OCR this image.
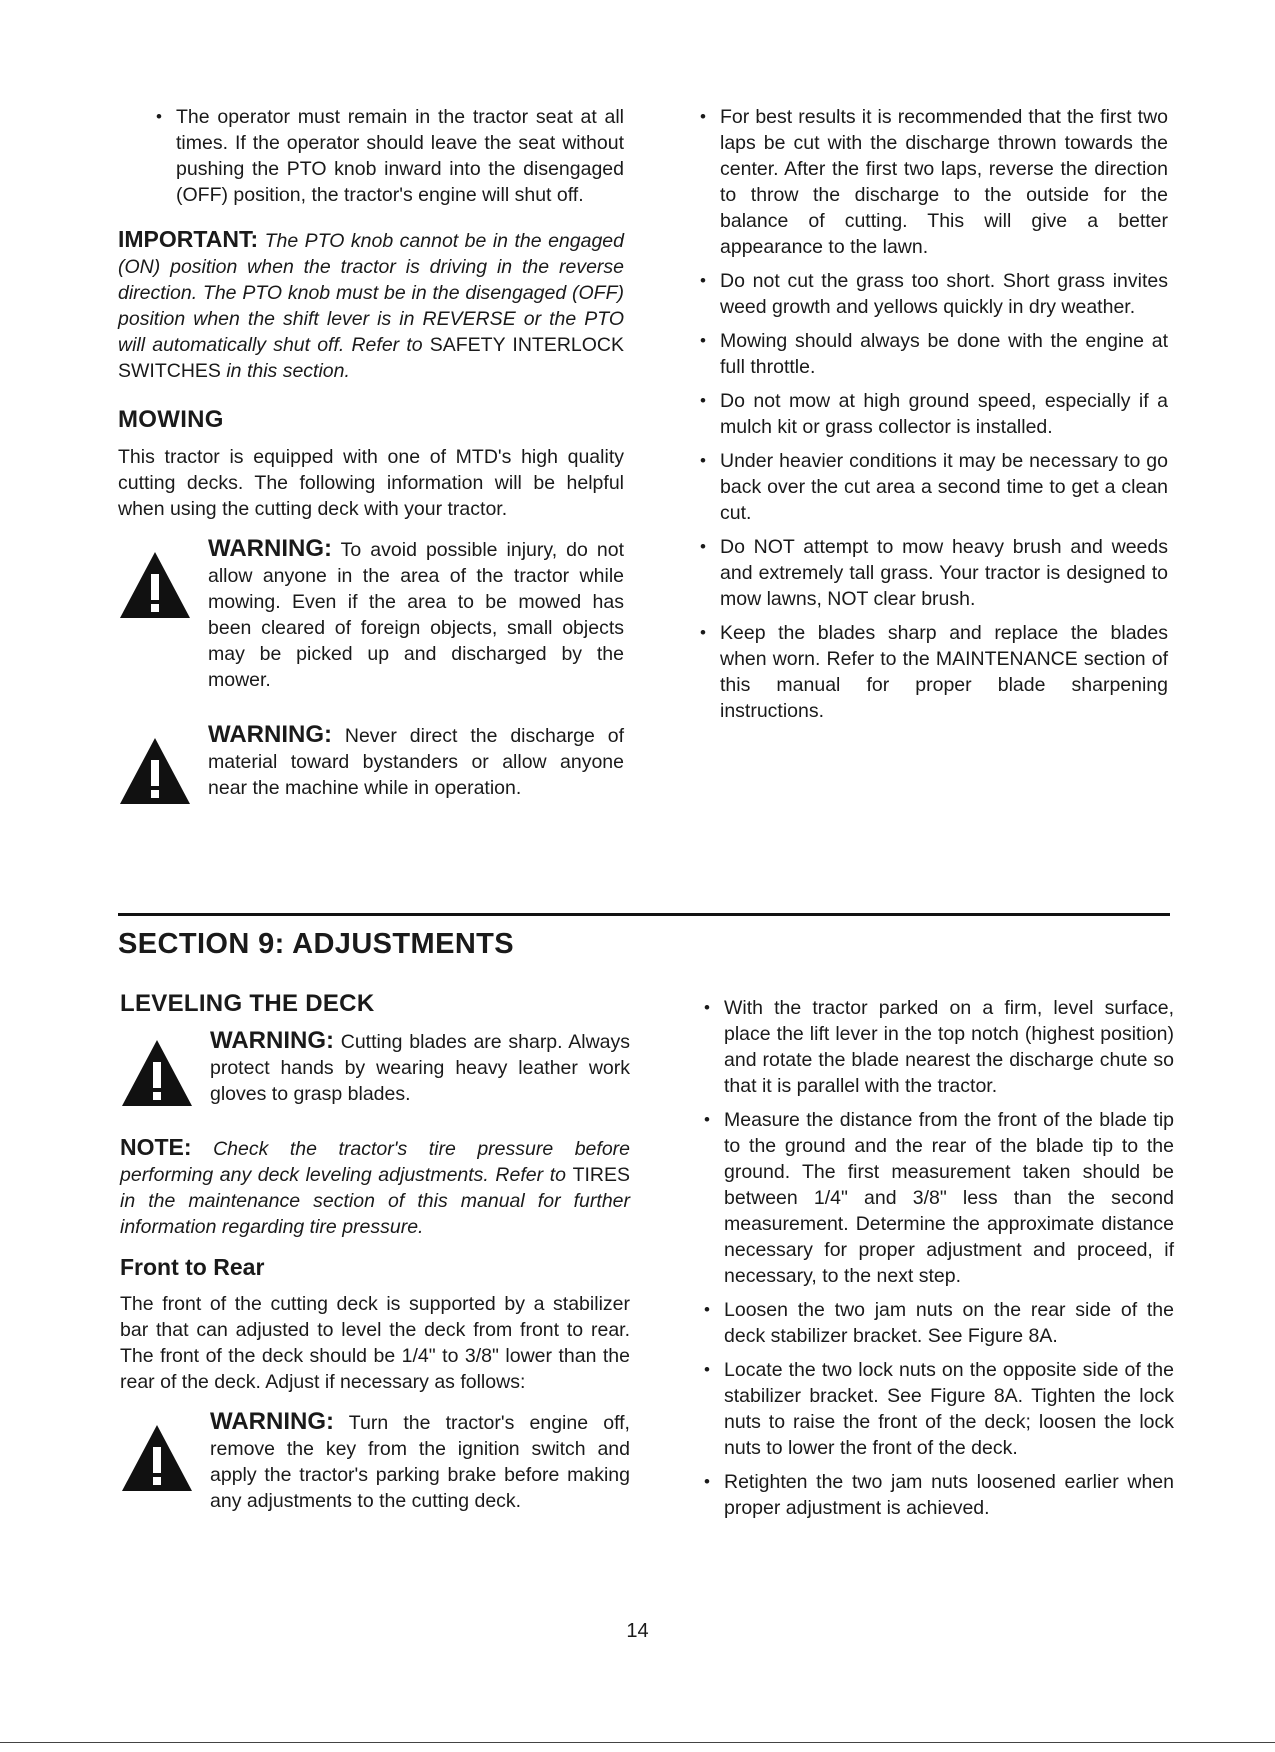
• The operator must remain in the tractor seat at all times. If the operator should leave the seat without pushing the PTO knob inward into the disengaged (OFF) position, the tractor's engine will shut off.

IMPORTANT: The PTO knob cannot be in the engaged (ON) position when the tractor is driving in the reverse direction. The PTO knob must be in the disengaged (OFF) position when the shift lever is in REVERSE or the PTO will automatically shut off. Refer to SAFETY INTERLOCK SWITCHES in this section.

MOWING

This tractor is equipped with one of MTD's high quality cutting decks. The following information will be helpful when using the cutting deck with your tractor.

WARNING: To avoid possible injury, do not allow anyone in the area of the tractor while mowing. Even if the area to be mowed has been cleared of foreign objects, small objects may be picked up and discharged by the mower.
WARNING: Never direct the discharge of material toward bystanders or allow anyone near the machine while in operation.
• For best results it is recommended that the first two laps be cut with the discharge thrown towards the center. After the first two laps, reverse the direction to throw the discharge to the outside for the balance of cutting. This will give a better appearance to the lawn.
• Do not cut the grass too short. Short grass invites weed growth and yellows quickly in dry weather.
• Mowing should always be done with the engine at full throttle.
• Do not mow at high ground speed, especially if a mulch kit or grass collector is installed.
• Under heavier conditions it may be necessary to go back over the cut area a second time to get a clean cut.
• Do NOT attempt to mow heavy brush and weeds and extremely tall grass. Your tractor is designed to mow lawns, NOT clear brush.
• Keep the blades sharp and replace the blades when worn. Refer to the MAINTENANCE section of this manual for proper blade sharpening instructions.
SECTION 9: ADJUSTMENTS
LEVELING THE DECK
WARNING: Cutting blades are sharp. Always protect hands by wearing heavy leather work gloves to grasp blades.

NOTE: Check the tractor's tire pressure before performing any deck leveling adjustments. Refer to TIRES in the maintenance section of this manual for further information regarding tire pressure.

Front to Rear

The front of the cutting deck is supported by a stabilizer bar that can adjusted to level the deck from front to rear. The front of the deck should be 1/4" to 3/8" lower than the rear of the deck. Adjust if necessary as follows:

WARNING: Turn the tractor's engine off, remove the key from the ignition switch and apply the tractor's parking brake before making any adjustments to the cutting deck.
• With the tractor parked on a firm, level surface, place the lift lever in the top notch (highest position) and rotate the blade nearest the discharge chute so that it is parallel with the tractor.
• Measure the distance from the front of the blade tip to the ground and the rear of the blade tip to the ground. The first measurement taken should be between 1/4" and 3/8" less than the second measurement. Determine the approximate distance necessary for proper adjustment and proceed, if necessary, to the next step.
• Loosen the two jam nuts on the rear side of the deck stabilizer bracket. See Figure 8A.
• Locate the two lock nuts on the opposite side of the stabilizer bracket. See Figure 8A. Tighten the lock nuts to raise the front of the deck; loosen the lock nuts to lower the front of the deck.
• Retighten the two jam nuts loosened earlier when proper adjustment is achieved.
14
